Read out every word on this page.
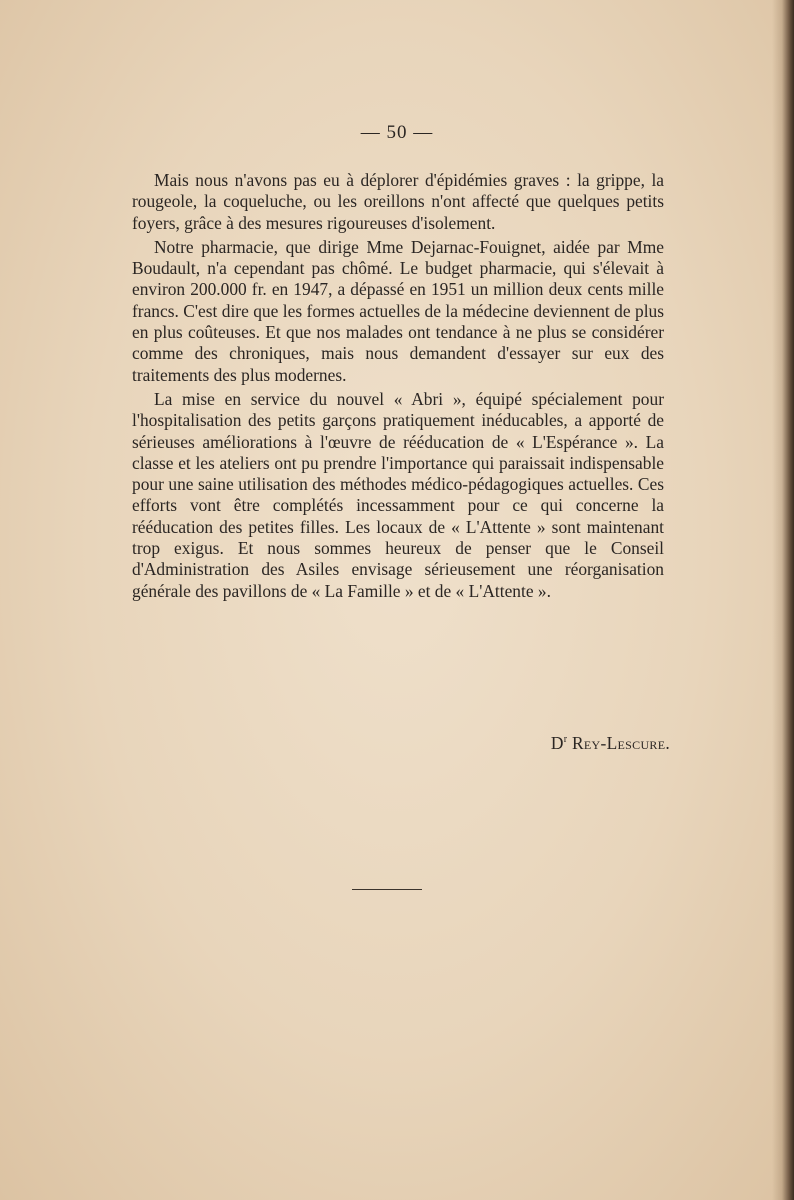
— 50 —

Mais nous n'avons pas eu à déplorer d'épidémies graves : la grippe, la rougeole, la coqueluche, ou les oreillons n'ont affecté que quelques petits foyers, grâce à des mesures rigoureuses d'isolement.

Notre pharmacie, que dirige Mme Dejarnac-Fouignet, aidée par Mme Boudault, n'a cependant pas chômé. Le budget pharmacie, qui s'élevait à environ 200.000 fr. en 1947, a dépassé en 1951 un million deux cents mille francs. C'est dire que les formes actuelles de la médecine deviennent de plus en plus coûteuses. Et que nos malades ont tendance à ne plus se considérer comme des chroniques, mais nous demandent d'essayer sur eux des traitements des plus modernes.

La mise en service du nouvel « Abri », équipé spécialement pour l'hospitalisation des petits garçons pratiquement inéducables, a apporté de sérieuses améliorations à l'œuvre de rééducation de « L'Espérance ». La classe et les ateliers ont pu prendre l'importance qui paraissait indispensable pour une saine utilisation des méthodes médico-pédagogiques actuelles. Ces efforts vont être complétés incessamment pour ce qui concerne la rééducation des petites filles. Les locaux de « L'Attente » sont maintenant trop exigus. Et nous sommes heureux de penser que le Conseil d'Administration des Asiles envisage sérieusement une réorganisation générale des pavillons de « La Famille » et de « L'Attente ».

$D^r$ Rey-Lescure.
